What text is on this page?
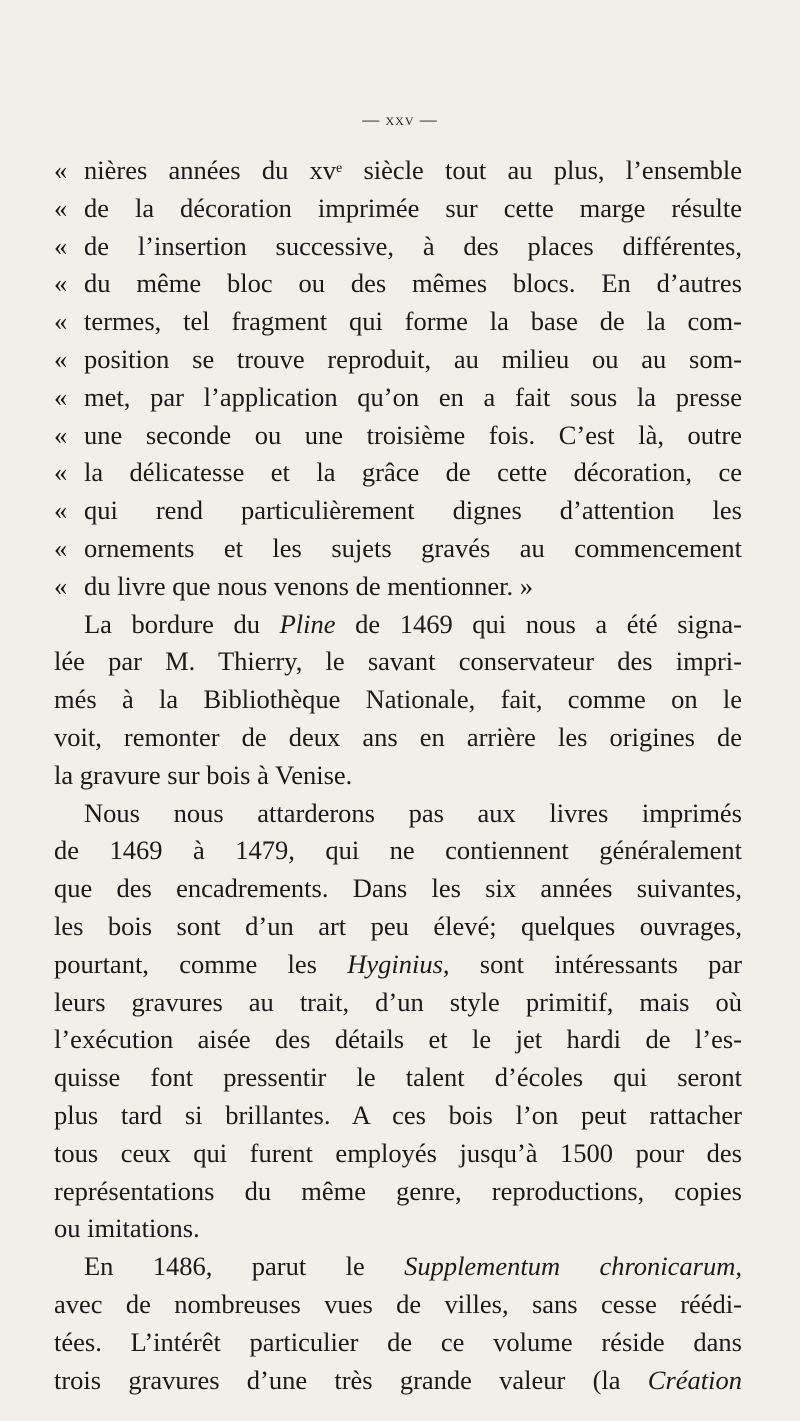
— xxv —
« nières années du $xv^e$ siècle tout au plus, l’ensemble
« de la décoration imprimée sur cette marge résulte
« de l’insertion successive, à des places différentes,
« du même bloc ou des mêmes blocs. En d’autres
« termes, tel fragment qui forme la base de la com-
« position se trouve reproduit, au milieu ou au som-
« met, par l’application qu’on en a fait sous la presse
« une seconde ou une troisième fois. C’est là, outre
« la délicatesse et la grâce de cette décoration, ce
« qui rend particulièrement dignes d’attention les
« ornements et les sujets gravés au commencement
« du livre que nous venons de mentionner. »
La bordure du Pline de 1469 qui nous a été signa-
lée par M. Thierry, le savant conservateur des impri-
més à la Bibliothèque Nationale, fait, comme on le
voit, remonter de deux ans en arrière les origines de
la gravure sur bois à Venise.
Nous nous attarderons pas aux livres imprimés
de 1469 à 1479, qui ne contiennent généralement
que des encadrements. Dans les six années suivantes,
les bois sont d’un art peu élevé; quelques ouvrages,
pourtant, comme les Hyginius, sont intéressants par
leurs gravures au trait, d’un style primitif, mais où
l’exécution aisée des détails et le jet hardi de l’es-
quisse font pressentir le talent d’écoles qui seront
plus tard si brillantes. A ces bois l’on peut rattacher
tous ceux qui furent employés jusqu’à 1500 pour des
représentations du même genre, reproductions, copies
ou imitations.
En 1486, parut le Supplementum chronicarum,
avec de nombreuses vues de villes, sans cesse réédi-
tées. L’intérêt particulier de ce volume réside dans
trois gravures d’une très grande valeur (la Création
